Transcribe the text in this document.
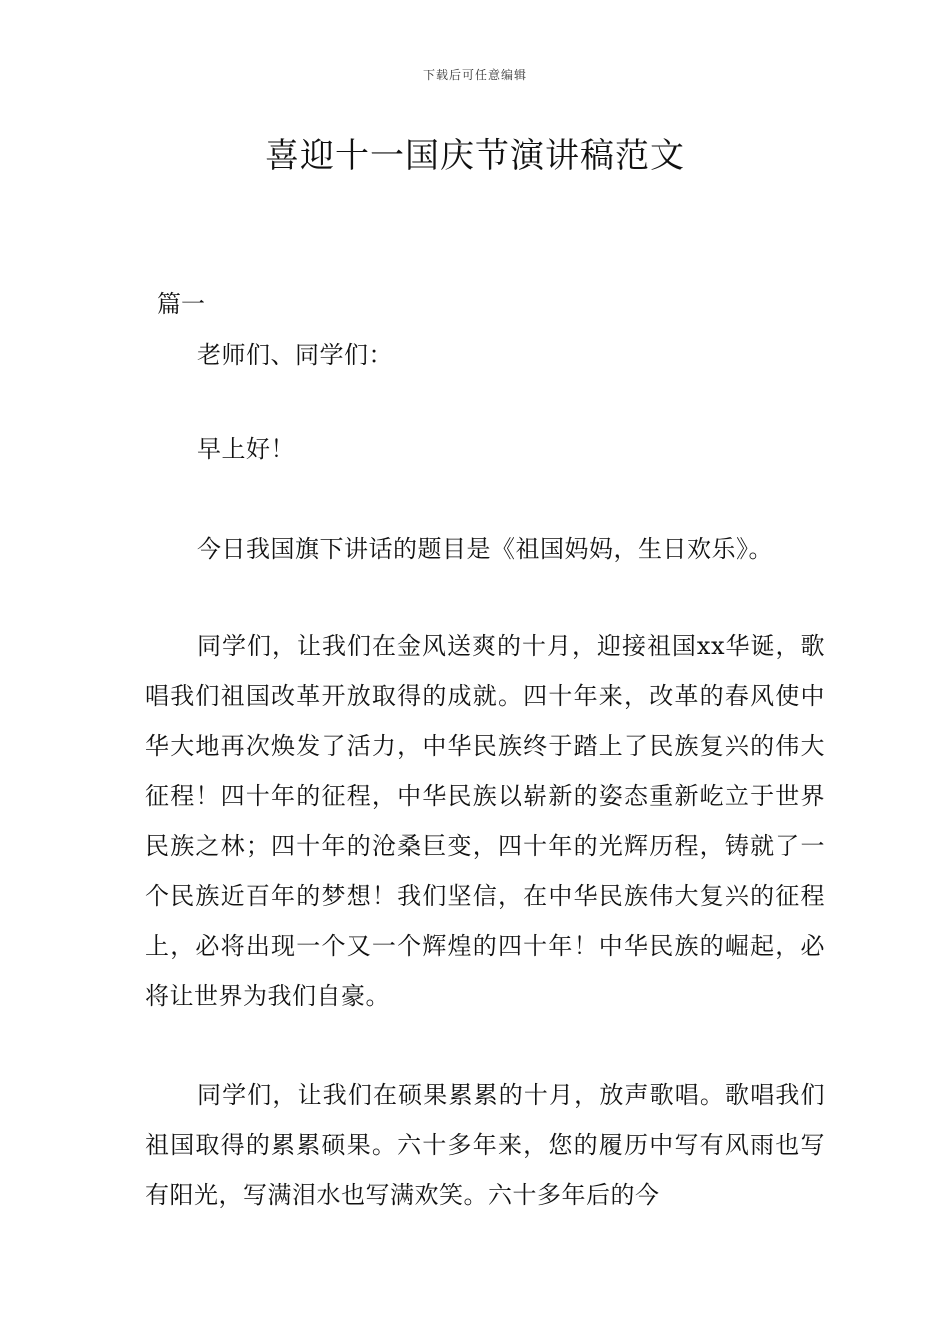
下载后可任意编辑
喜迎十一国庆节演讲稿范文

篇一

老师们、同学们：

早上好！

今日我国旗下讲话的题目是《祖国妈妈，生日欢乐》。

同学们，让我们在金风送爽的十月，迎接祖国xx华诞，歌唱我们祖国改革开放取得的成就。四十年来，改革的春风使中华大地再次焕发了活力，中华民族终于踏上了民族复兴的伟大征程！四十年的征程，中华民族以崭新的姿态重新屹立于世界民族之林；四十年的沧桑巨变，四十年的光辉历程，铸就了一个民族近百年的梦想！我们坚信，在中华民族伟大复兴的征程上，必将出现一个又一个辉煌的四十年！中华民族的崛起，必将让世界为我们自豪。

同学们，让我们在硕果累累的十月，放声歌唱。歌唱我们祖国取得的累累硕果。六十多年来，您的履历中写有风雨也写有阳光，写满泪水也写满欢笑。六十多年后的今
